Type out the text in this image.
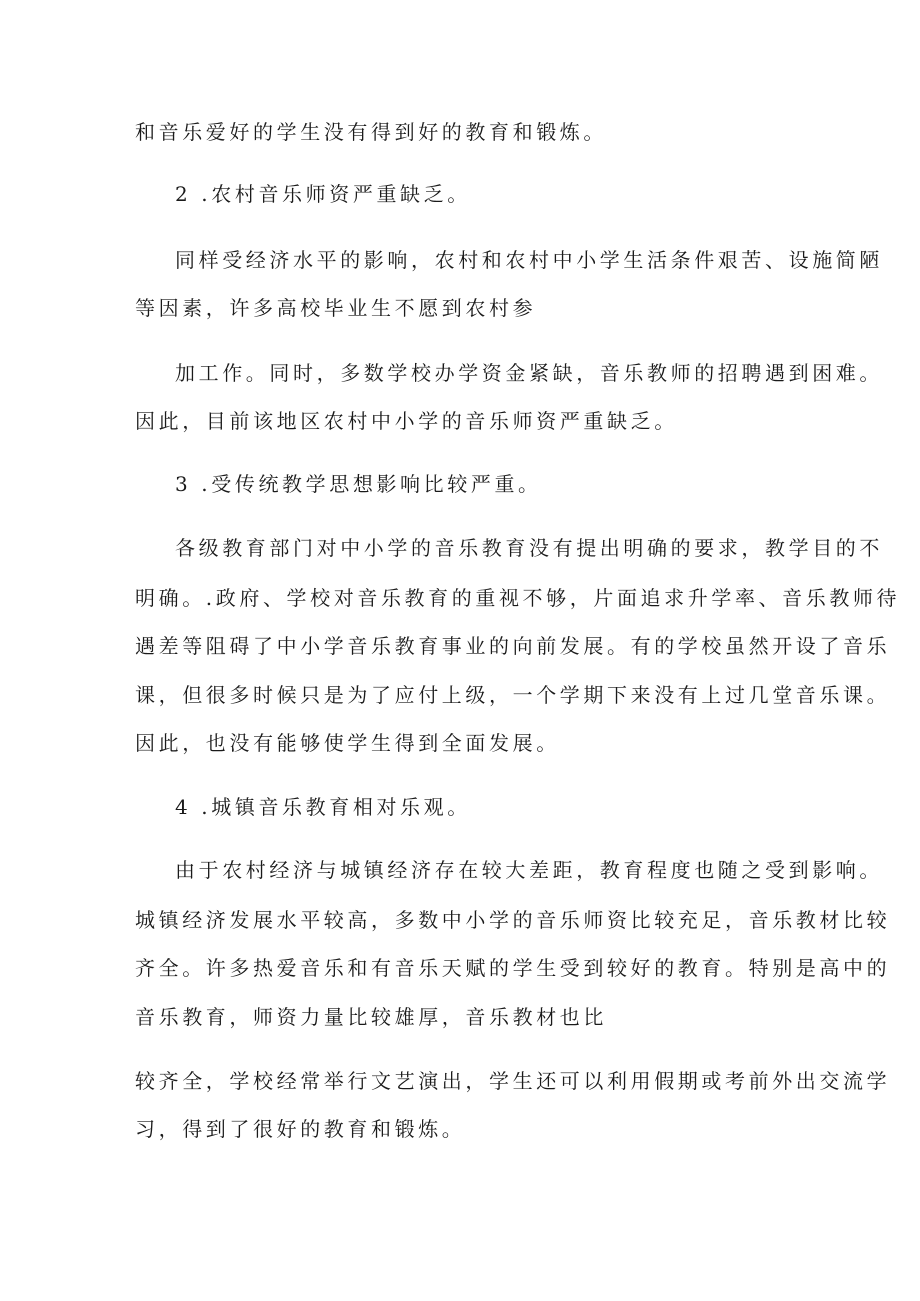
和音乐爱好的学生没有得到好的教育和锻炼。
2 .农村音乐师资严重缺乏。
同样受经济水平的影响，农村和农村中小学生活条件艰苦、设施简陋
等因素，许多高校毕业生不愿到农村参
加工作。同时，多数学校办学资金紧缺，音乐教师的招聘遇到困难。
因此，目前该地区农村中小学的音乐师资严重缺乏。
3 .受传统教学思想影响比较严重。
各级教育部门对中小学的音乐教育没有提出明确的要求，教学目的不
明确。.政府、学校对音乐教育的重视不够，片面追求升学率、音乐教师待
遇差等阻碍了中小学音乐教育事业的向前发展。有的学校虽然开设了音乐
课，但很多时候只是为了应付上级，一个学期下来没有上过几堂音乐课。
因此，也没有能够使学生得到全面发展。
4 .城镇音乐教育相对乐观。
由于农村经济与城镇经济存在较大差距，教育程度也随之受到影响。
城镇经济发展水平较高，多数中小学的音乐师资比较充足，音乐教材比较
齐全。许多热爱音乐和有音乐天赋的学生受到较好的教育。特别是高中的
音乐教育，师资力量比较雄厚，音乐教材也比
较齐全，学校经常举行文艺演出，学生还可以利用假期或考前外出交流学
习，得到了很好的教育和锻炼。
